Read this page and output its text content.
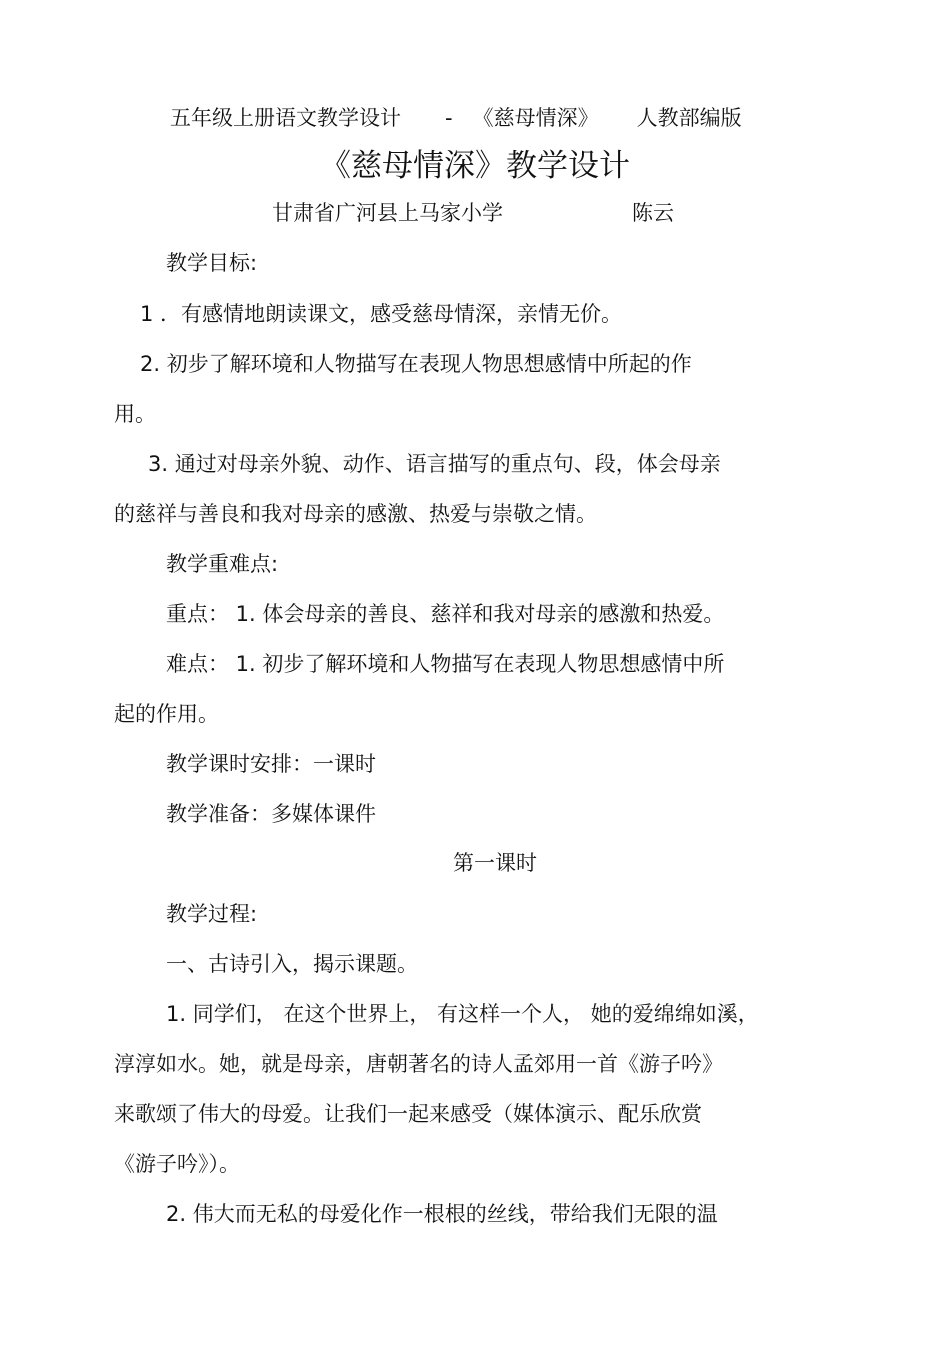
五年级上册语文教学设计 - 《慈母情深》 人教部编版
《慈母情深》教学设计
甘肃省广河县上马家小学	陈云
教学目标:
1 ．有感情地朗读课文，感受慈母情深，亲情无价。
2. 初步了解环境和人物描写在表现人物思想感情中所起的作
用。
3. 通过对母亲外貌、动作、语言描写的重点句、段，体会母亲
的慈祥与善良和我对母亲的感激、热爱与崇敬之情。
教学重难点:
重点： 1. 体会母亲的善良、慈祥和我对母亲的感激和热爱。
难点： 1. 初步了解环境和人物描写在表现人物思想感情中所
起的作用。
教学课时安排：一课时
教学准备：多媒体课件
第一课时
教学过程:
一、古诗引入，揭示课题。
1. 同学们， 在这个世界上， 有这样一个人， 她的爱绵绵如溪，
淳淳如水。她，就是母亲，唐朝著名的诗人孟郊用一首《游子吟》
来歌颂了伟大的母爱。让我们一起来感受（媒体演示、配乐欣赏
《游子吟》）。
2. 伟大而无私的母爱化作一根根的丝线，带给我们无限的温
